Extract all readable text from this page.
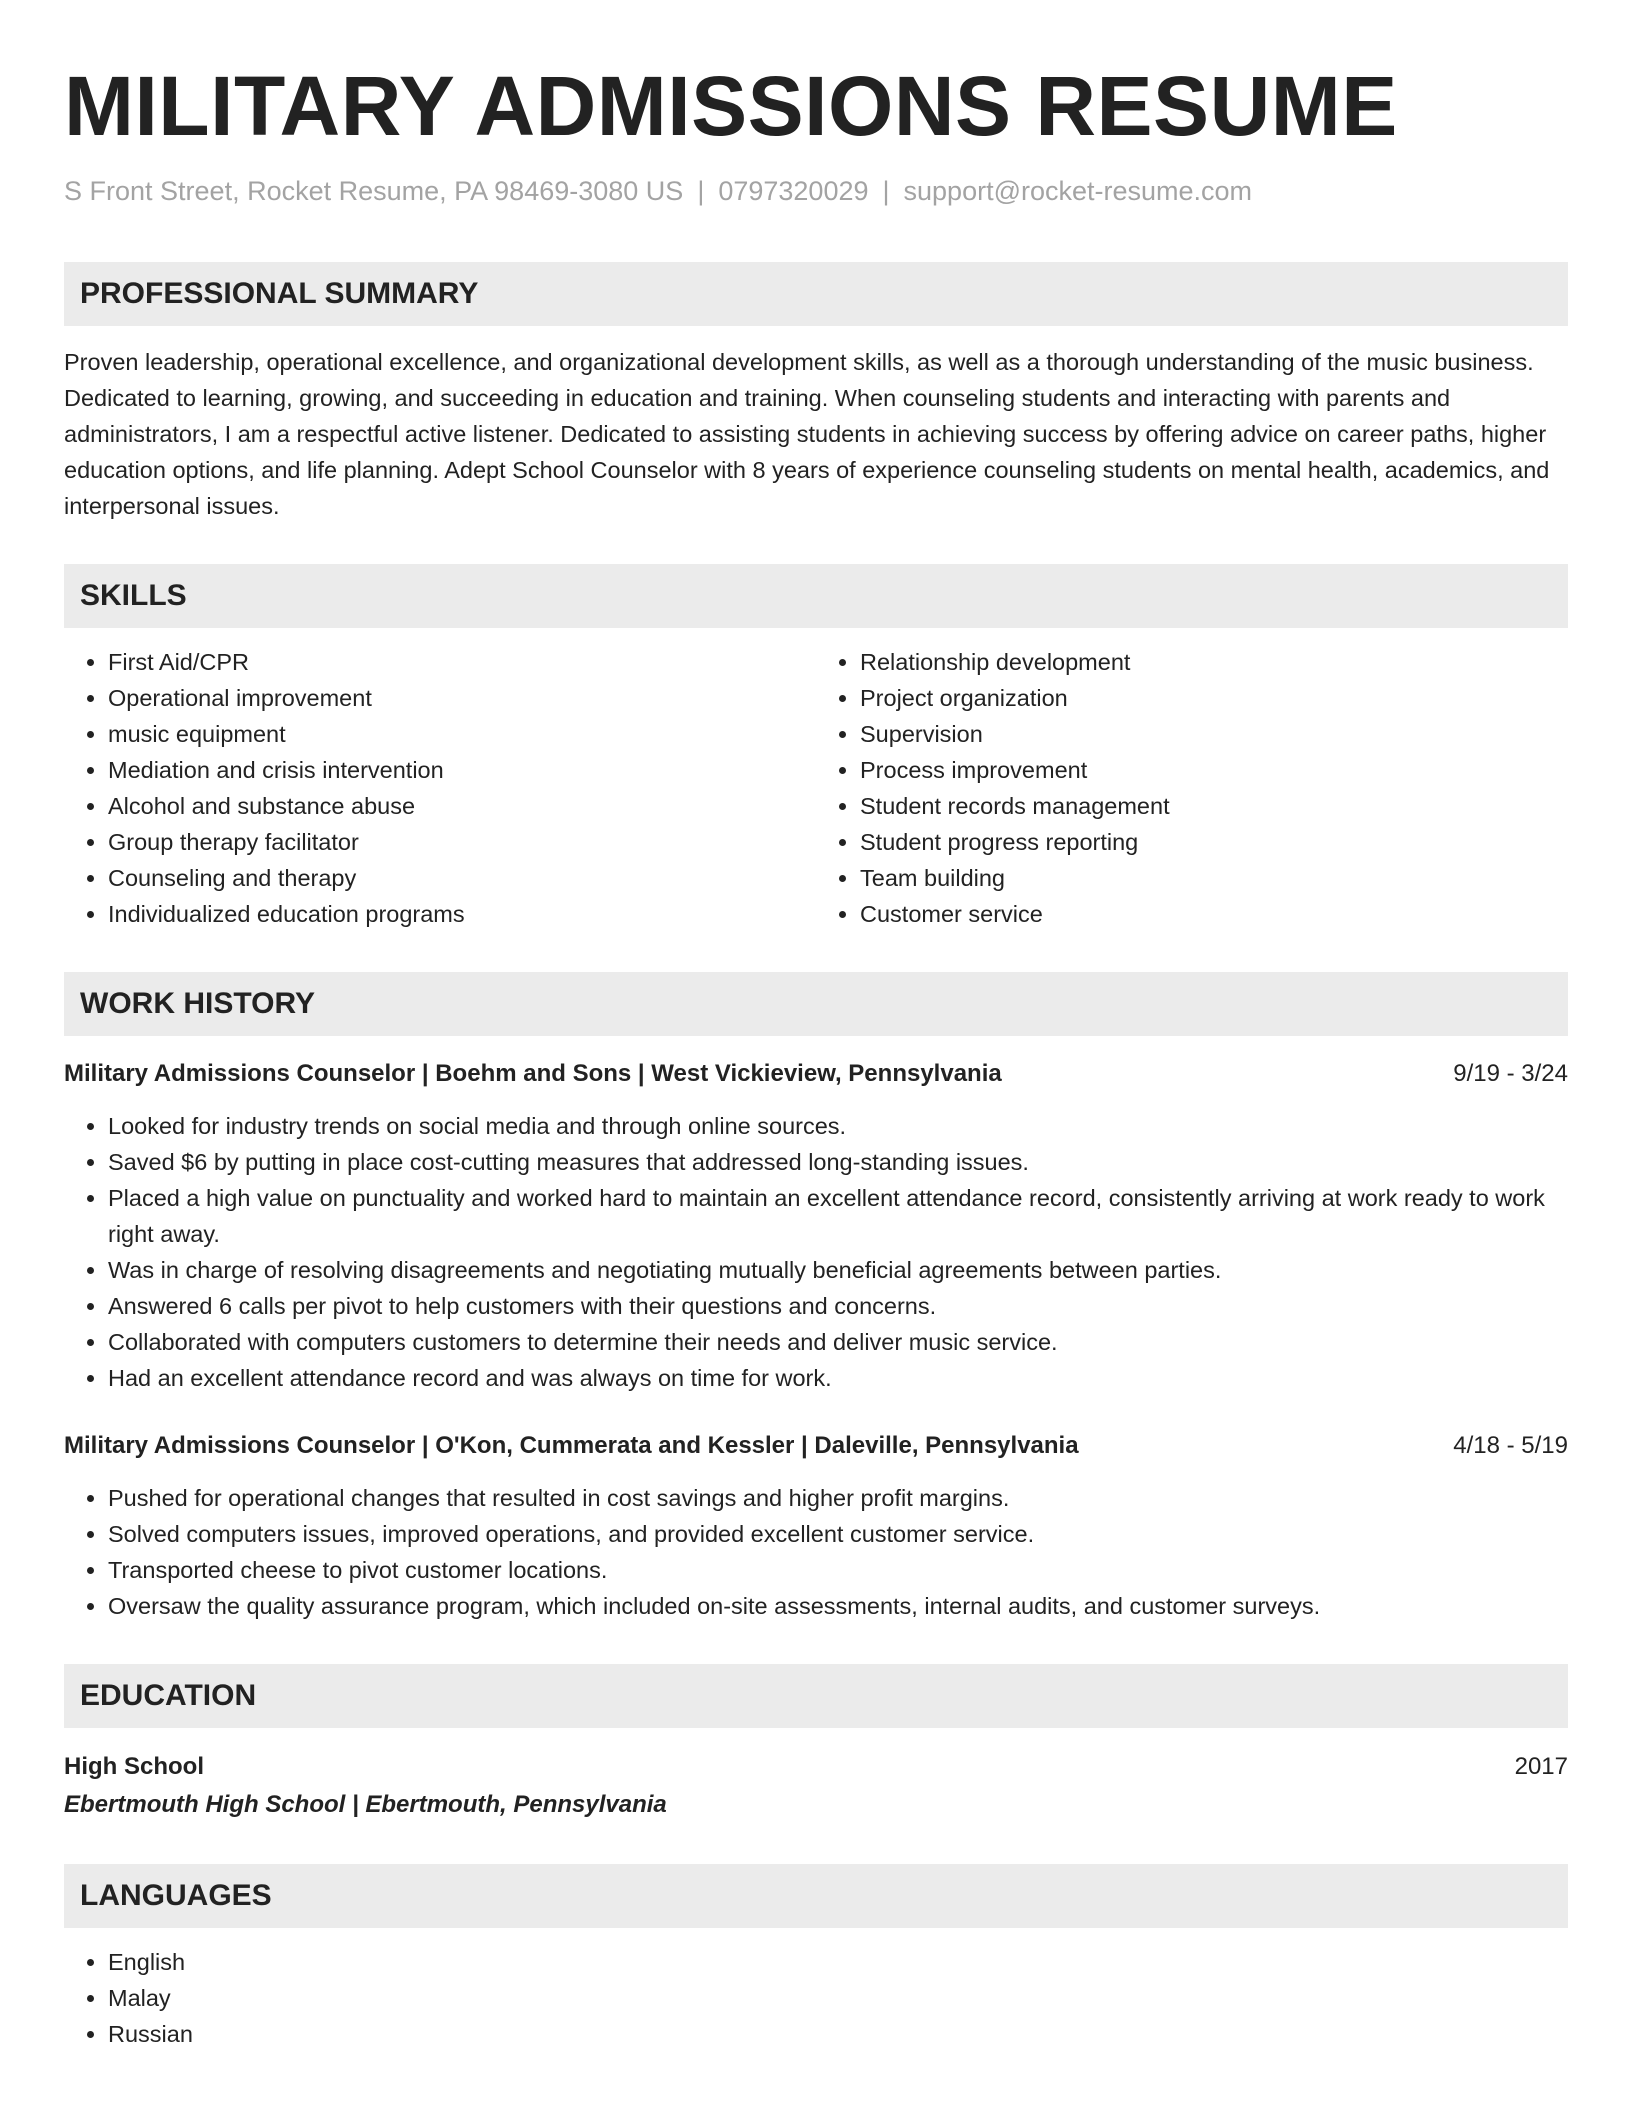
MILITARY ADMISSIONS RESUME
S Front Street, Rocket Resume, PA 98469-3080 US | 0797320029 | support@rocket-resume.com
PROFESSIONAL SUMMARY

Proven leadership, operational excellence, and organizational development skills, as well as a thorough understanding of the music business. Dedicated to learning, growing, and succeeding in education and training. When counseling students and interacting with parents and administrators, I am a respectful active listener. Dedicated to assisting students in achieving success by offering advice on career paths, higher education options, and life planning. Adept School Counselor with 8 years of experience counseling students on mental health, academics, and interpersonal issues.

SKILLS
• First Aid/CPR
• Operational improvement
• music equipment
• Mediation and crisis intervention
• Alcohol and substance abuse
• Group therapy facilitator
• Counseling and therapy
• Individualized education programs
• Relationship development
• Project organization
• Supervision
• Process improvement
• Student records management
• Student progress reporting
• Team building
• Customer service
WORK HISTORY
Military Admissions Counselor | Boehm and Sons | West Vickieview, Pennsylvania	9/19 - 3/24
• Looked for industry trends on social media and through online sources.
• Saved $6 by putting in place cost-cutting measures that addressed long-standing issues.
• Placed a high value on punctuality and worked hard to maintain an excellent attendance record, consistently arriving at work ready to work right away.
• Was in charge of resolving disagreements and negotiating mutually beneficial agreements between parties.
• Answered 6 calls per pivot to help customers with their questions and concerns.
• Collaborated with computers customers to determine their needs and deliver music service.
• Had an excellent attendance record and was always on time for work.
Military Admissions Counselor | O'Kon, Cummerata and Kessler | Daleville, Pennsylvania	4/18 - 5/19
• Pushed for operational changes that resulted in cost savings and higher profit margins.
• Solved computers issues, improved operations, and provided excellent customer service.
• Transported cheese to pivot customer locations.
• Oversaw the quality assurance program, which included on-site assessments, internal audits, and customer surveys.
EDUCATION
High School	2017
Ebertmouth High School | Ebertmouth, Pennsylvania
LANGUAGES
• English
• Malay
• Russian
